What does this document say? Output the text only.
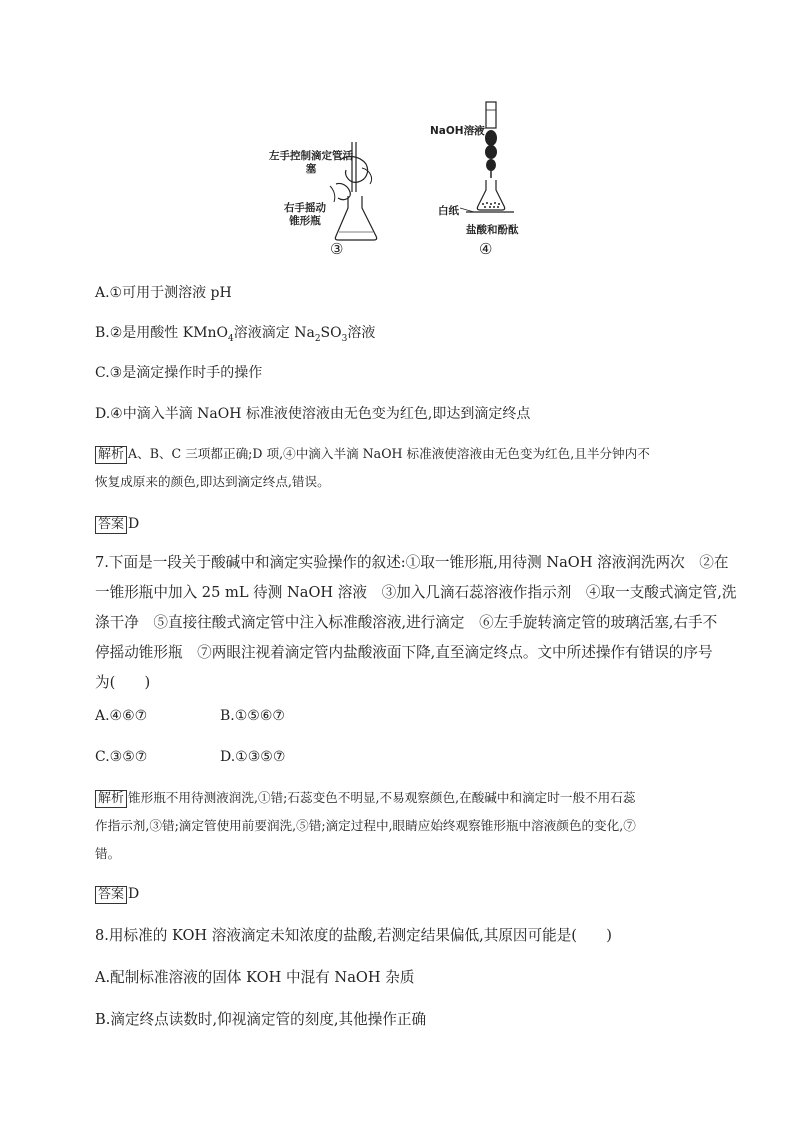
左手控制滴定管活塞
右手摇动锥形瓶
③
NaOH溶液
白纸
盐酸和酚酞
④
A.①可用于测溶液 pH
B.②是用酸性 KMnO$_4$溶液滴定 $Na_2SO_3$溶液
C.③是滴定操作时手的操作
D.④中滴入半滴 NaOH 标准液使溶液由无色变为红色,即达到滴定终点
解析 A、B、C 三项都正确;D 项,④中滴入半滴 NaOH 标准液使溶液由无色变为红色,且半分钟内不
恢复成原来的颜色,即达到滴定终点,错误。
答案 D
7.下面是一段关于酸碱中和滴定实验操作的叙述:①取一锥形瓶,用待测 NaOH 溶液润洗两次　②在
一锥形瓶中加入 25 mL 待测 NaOH 溶液　③加入几滴石蕊溶液作指示剂　④取一支酸式滴定管,洗
涤干净　⑤直接往酸式滴定管中注入标准酸溶液,进行滴定　⑥左手旋转滴定管的玻璃活塞,右手不
停摇动锥形瓶　⑦两眼注视着滴定管内盐酸液面下降,直至滴定终点。文中所述操作有错误的序号
为(　　)
A.④⑥⑦	B.①⑤⑥⑦
C.③⑤⑦	D.①③⑤⑦
解析 锥形瓶不用待测液润洗,①错;石蕊变色不明显,不易观察颜色,在酸碱中和滴定时一般不用石蕊
作指示剂,③错;滴定管使用前要润洗,⑤错;滴定过程中,眼睛应始终观察锥形瓶中溶液颜色的变化,⑦
错。
答案 D
8.用标准的 KOH 溶液滴定未知浓度的盐酸,若测定结果偏低,其原因可能是(　　)
A.配制标准溶液的固体 KOH 中混有 NaOH 杂质
B.滴定终点读数时,仰视滴定管的刻度,其他操作正确
